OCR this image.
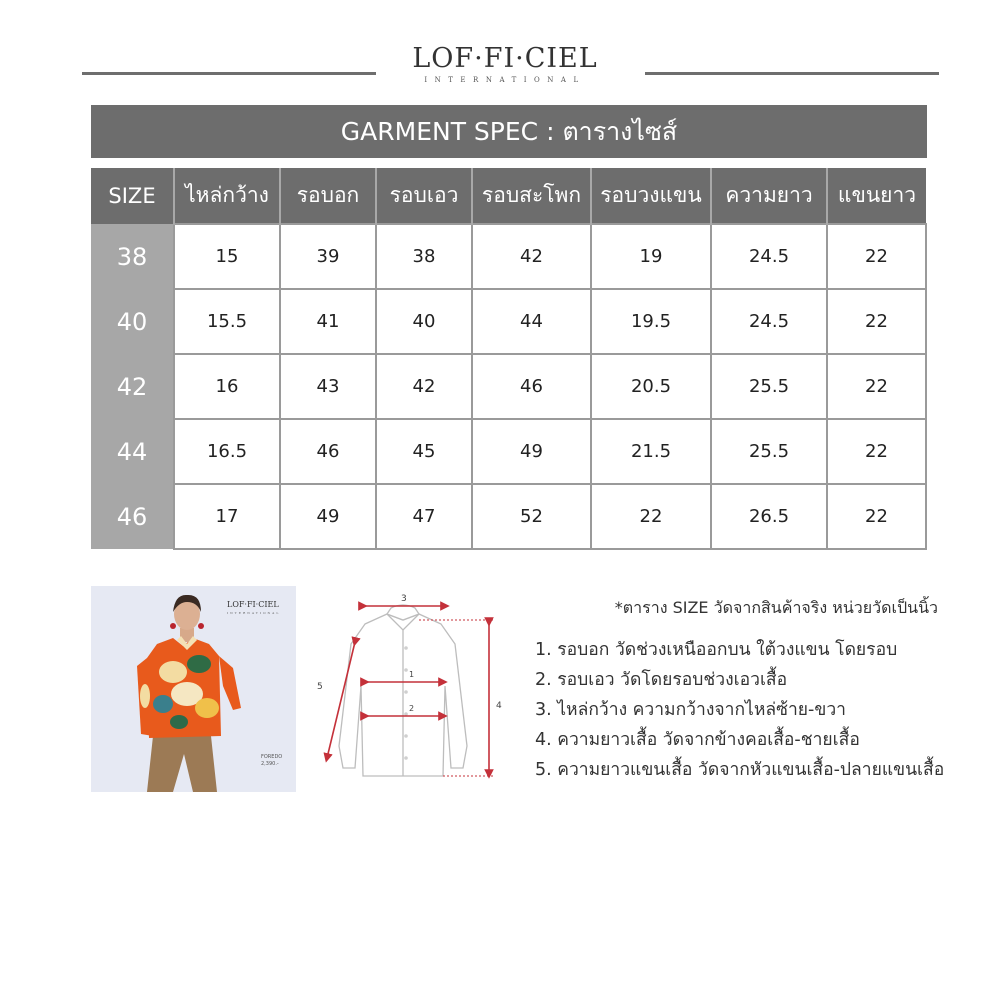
LOF·FI·CIEL
INTERNATIONAL
GARMENT SPEC : ตารางไซส์
SIZE	ไหล่กว้าง	รอบอก	รอบเอว	รอบสะโพก	รอบวงแขน	ความยาว	แขนยาว
38	15	39	38	42	19	24.5	22
40	15.5	41	40	44	19.5	24.5	22
42	16	43	42	46	20.5	25.5	22
44	16.5	46	45	49	21.5	25.5	22
46	17	49	47	52	22	26.5	22
LOF·FI·CIEL
INTERNATIONAL
FOREDO
2,390.-
3
1
2
5
4
*ตาราง SIZE วัดจากสินค้าจริง หน่วยวัดเป็นนิ้ว
1. รอบอก วัดช่วงเหนืออกบน ใต้วงแขน โดยรอบ
2. รอบเอว วัดโดยรอบช่วงเอวเสื้อ
3. ไหล่กว้าง ความกว้างจากไหล่ซ้าย-ขวา
4. ความยาวเสื้อ วัดจากข้างคอเสื้อ-ชายเสื้อ
5. ความยาวแขนเสื้อ วัดจากหัวแขนเสื้อ-ปลายแขนเสื้อ
